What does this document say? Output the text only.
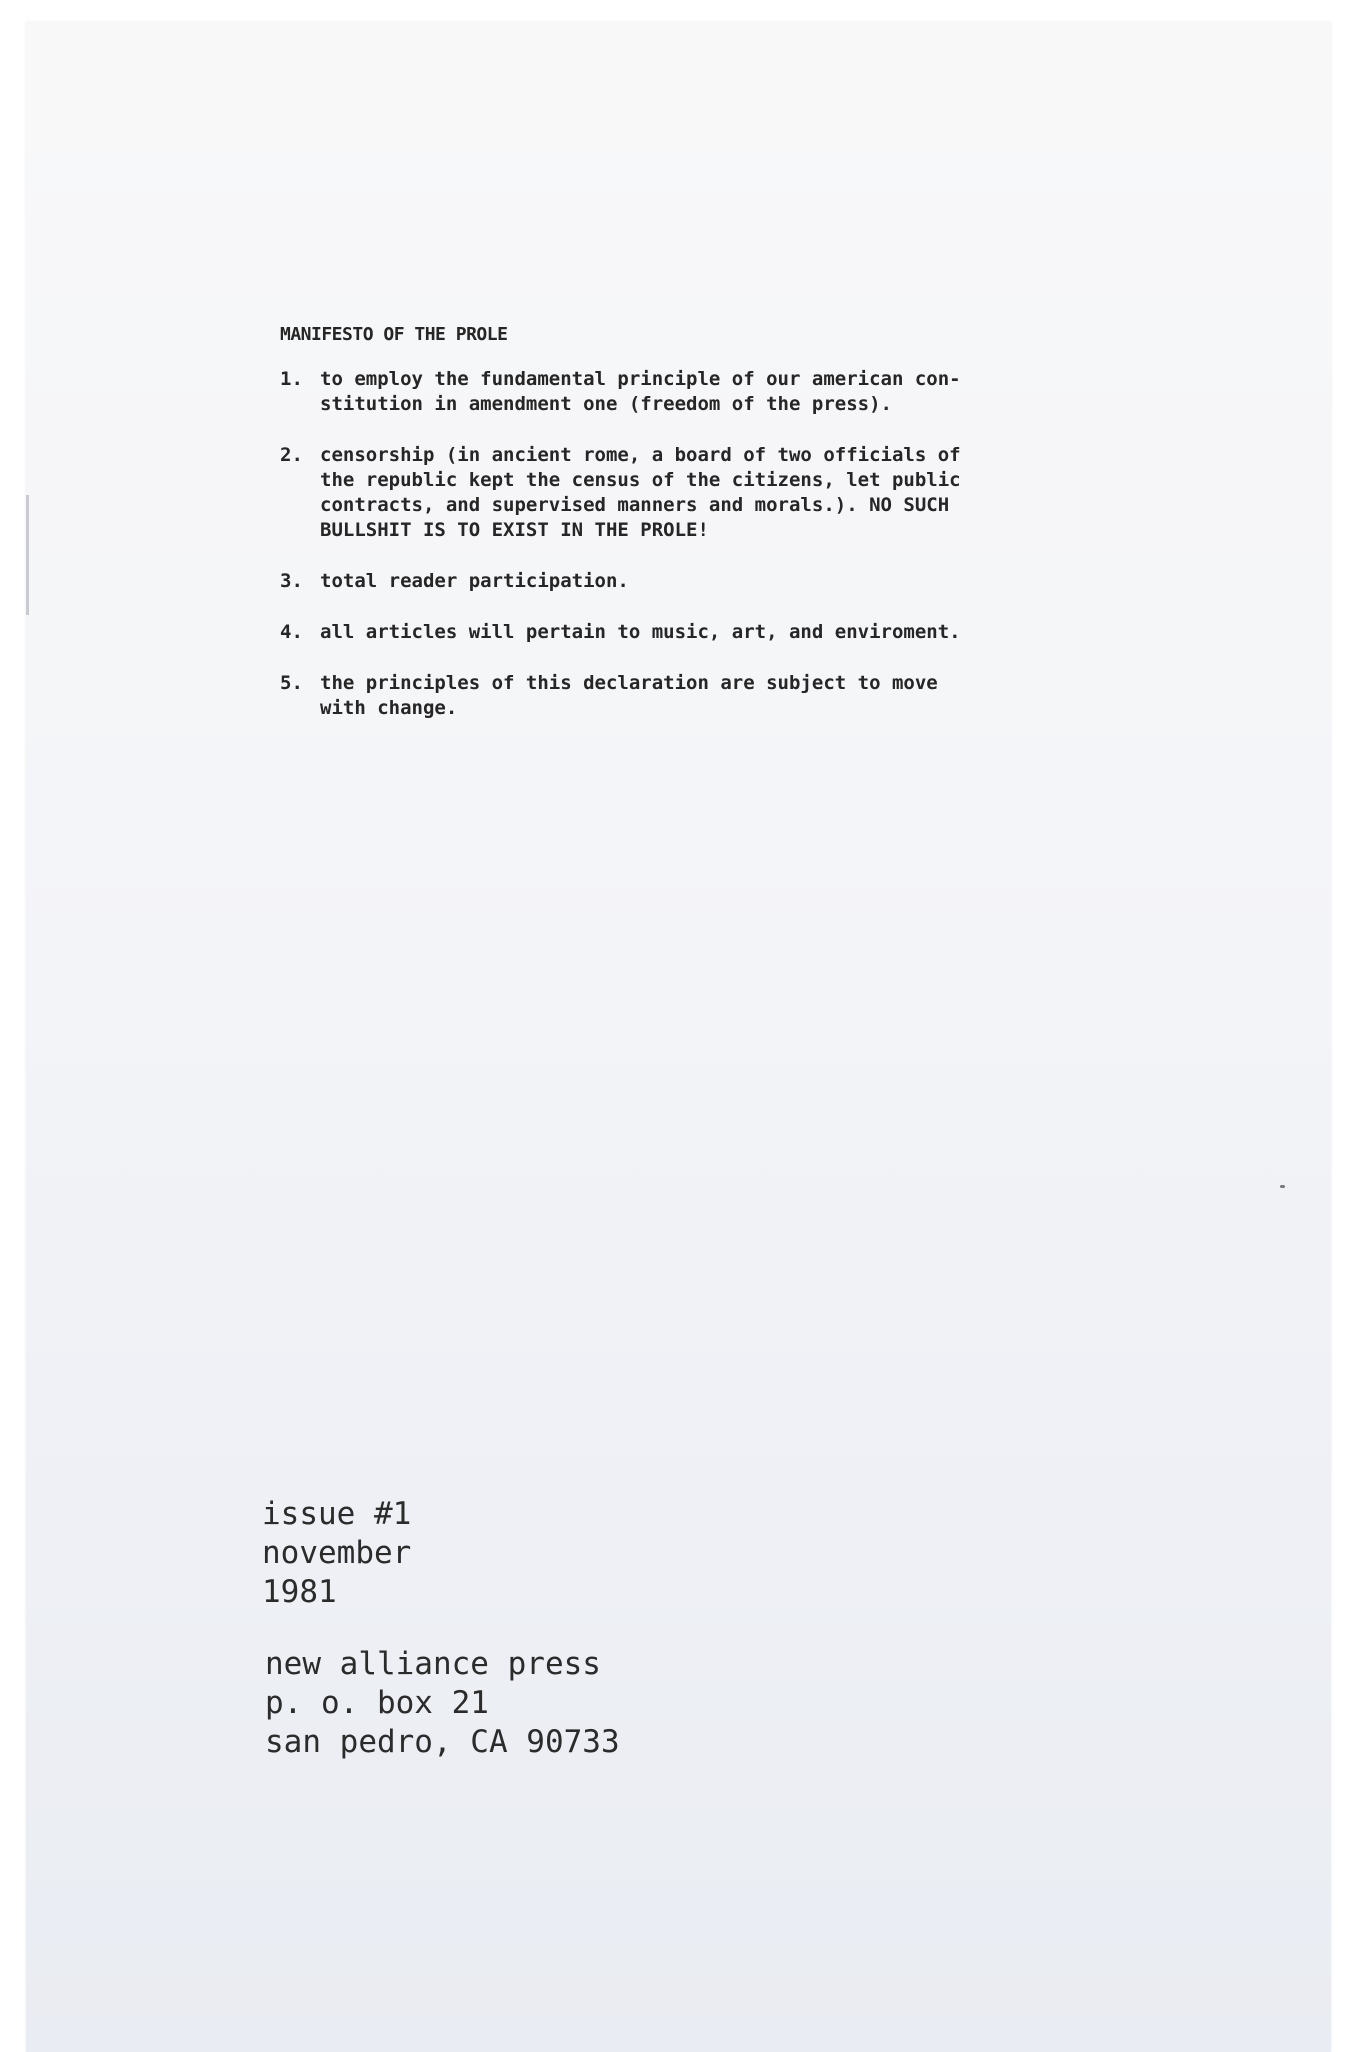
MANIFESTO OF THE PROLE
1. to employ the fundamental principle of our american con-
stitution in amendment one (freedom of the press).
2. censorship (in ancient rome, a board of two officials of
the republic kept the census of the citizens, let public
contracts, and supervised manners and morals.). NO SUCH
BULLSHIT IS TO EXIST IN THE PROLE!
3. total reader participation.
4. all articles will pertain to music, art, and enviroment.
5. the principles of this declaration are subject to move
with change.
issue #1
november
1981
new alliance press
p. o. box 21
san pedro, CA 90733
